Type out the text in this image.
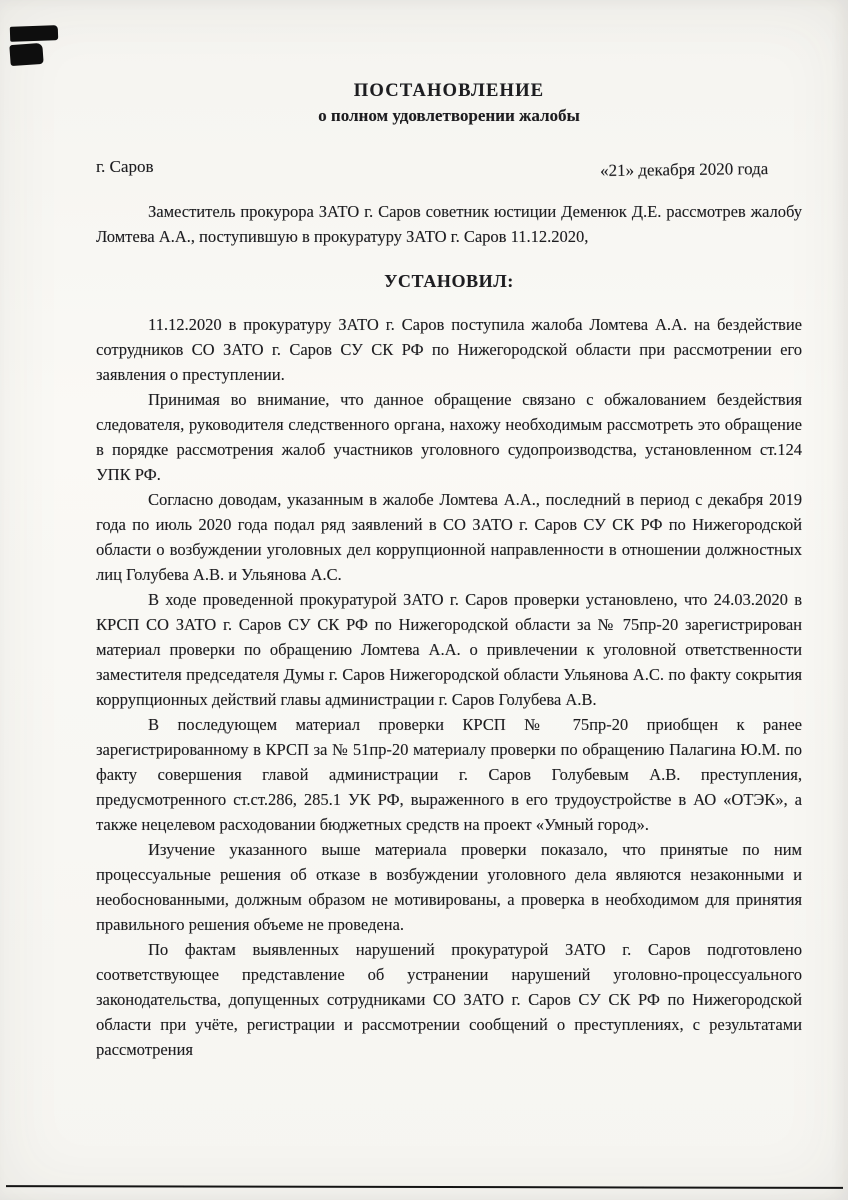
ПОСТАНОВЛЕНИЕ
о полном удовлетворении жалобы
г. Саров	«21» декабря 2020 года

Заместитель прокурора ЗАТО г. Саров советник юстиции Деменюк Д.Е. рассмотрев жалобу Ломтева А.А., поступившую в прокуратуру ЗАТО г. Саров 11.12.2020,

УСТАНОВИЛ:

11.12.2020 в прокуратуру ЗАТО г. Саров поступила жалоба Ломтева А.А. на бездействие сотрудников СО ЗАТО г. Саров СУ СК РФ по Нижегородской области при рассмотрении его заявления о преступлении.

Принимая во внимание, что данное обращение связано с обжалованием бездействия следователя, руководителя следственного органа, нахожу необходимым рассмотреть это обращение в порядке рассмотрения жалоб участников уголовного судопроизводства, установленном ст.124 УПК РФ.

Согласно доводам, указанным в жалобе Ломтева А.А., последний в период с декабря 2019 года по июль 2020 года подал ряд заявлений в СО ЗАТО г. Саров СУ СК РФ по Нижегородской области о возбуждении уголовных дел коррупционной направленности в отношении должностных лиц Голубева А.В. и Ульянова А.С.

В ходе проведенной прокуратурой ЗАТО г. Саров проверки установлено, что 24.03.2020 в КРСП СО ЗАТО г. Саров СУ СК РФ по Нижегородской области за № 75пр-20 зарегистрирован материал проверки по обращению Ломтева А.А. о привлечении к уголовной ответственности заместителя председателя Думы г. Саров Нижегородской области Ульянова А.С. по факту сокрытия коррупционных действий главы администрации г. Саров Голубева А.В.

В последующем материал проверки КРСП № 75пр-20 приобщен к ранее зарегистрированному в КРСП за № 51пр-20 материалу проверки по обращению Палагина Ю.М. по факту совершения главой администрации г. Саров Голубевым А.В. преступления, предусмотренного ст.ст.286, 285.1 УК РФ, выраженного в его трудоустройстве в АО «ОТЭК», а также нецелевом расходовании бюджетных средств на проект «Умный город».

Изучение указанного выше материала проверки показало, что принятые по ним процессуальные решения об отказе в возбуждении уголовного дела являются незаконными и необоснованными, должным образом не мотивированы, а проверка в необходимом для принятия правильного решения объеме не проведена.

По фактам выявленных нарушений прокуратурой ЗАТО г. Саров подготовлено соответствующее представление об устранении нарушений уголовно-процессуального законодательства, допущенных сотрудниками СО ЗАТО г. Саров СУ СК РФ по Нижегородской области при учёте, регистрации и рассмотрении сообщений о преступлениях, с результатами рассмотрения
